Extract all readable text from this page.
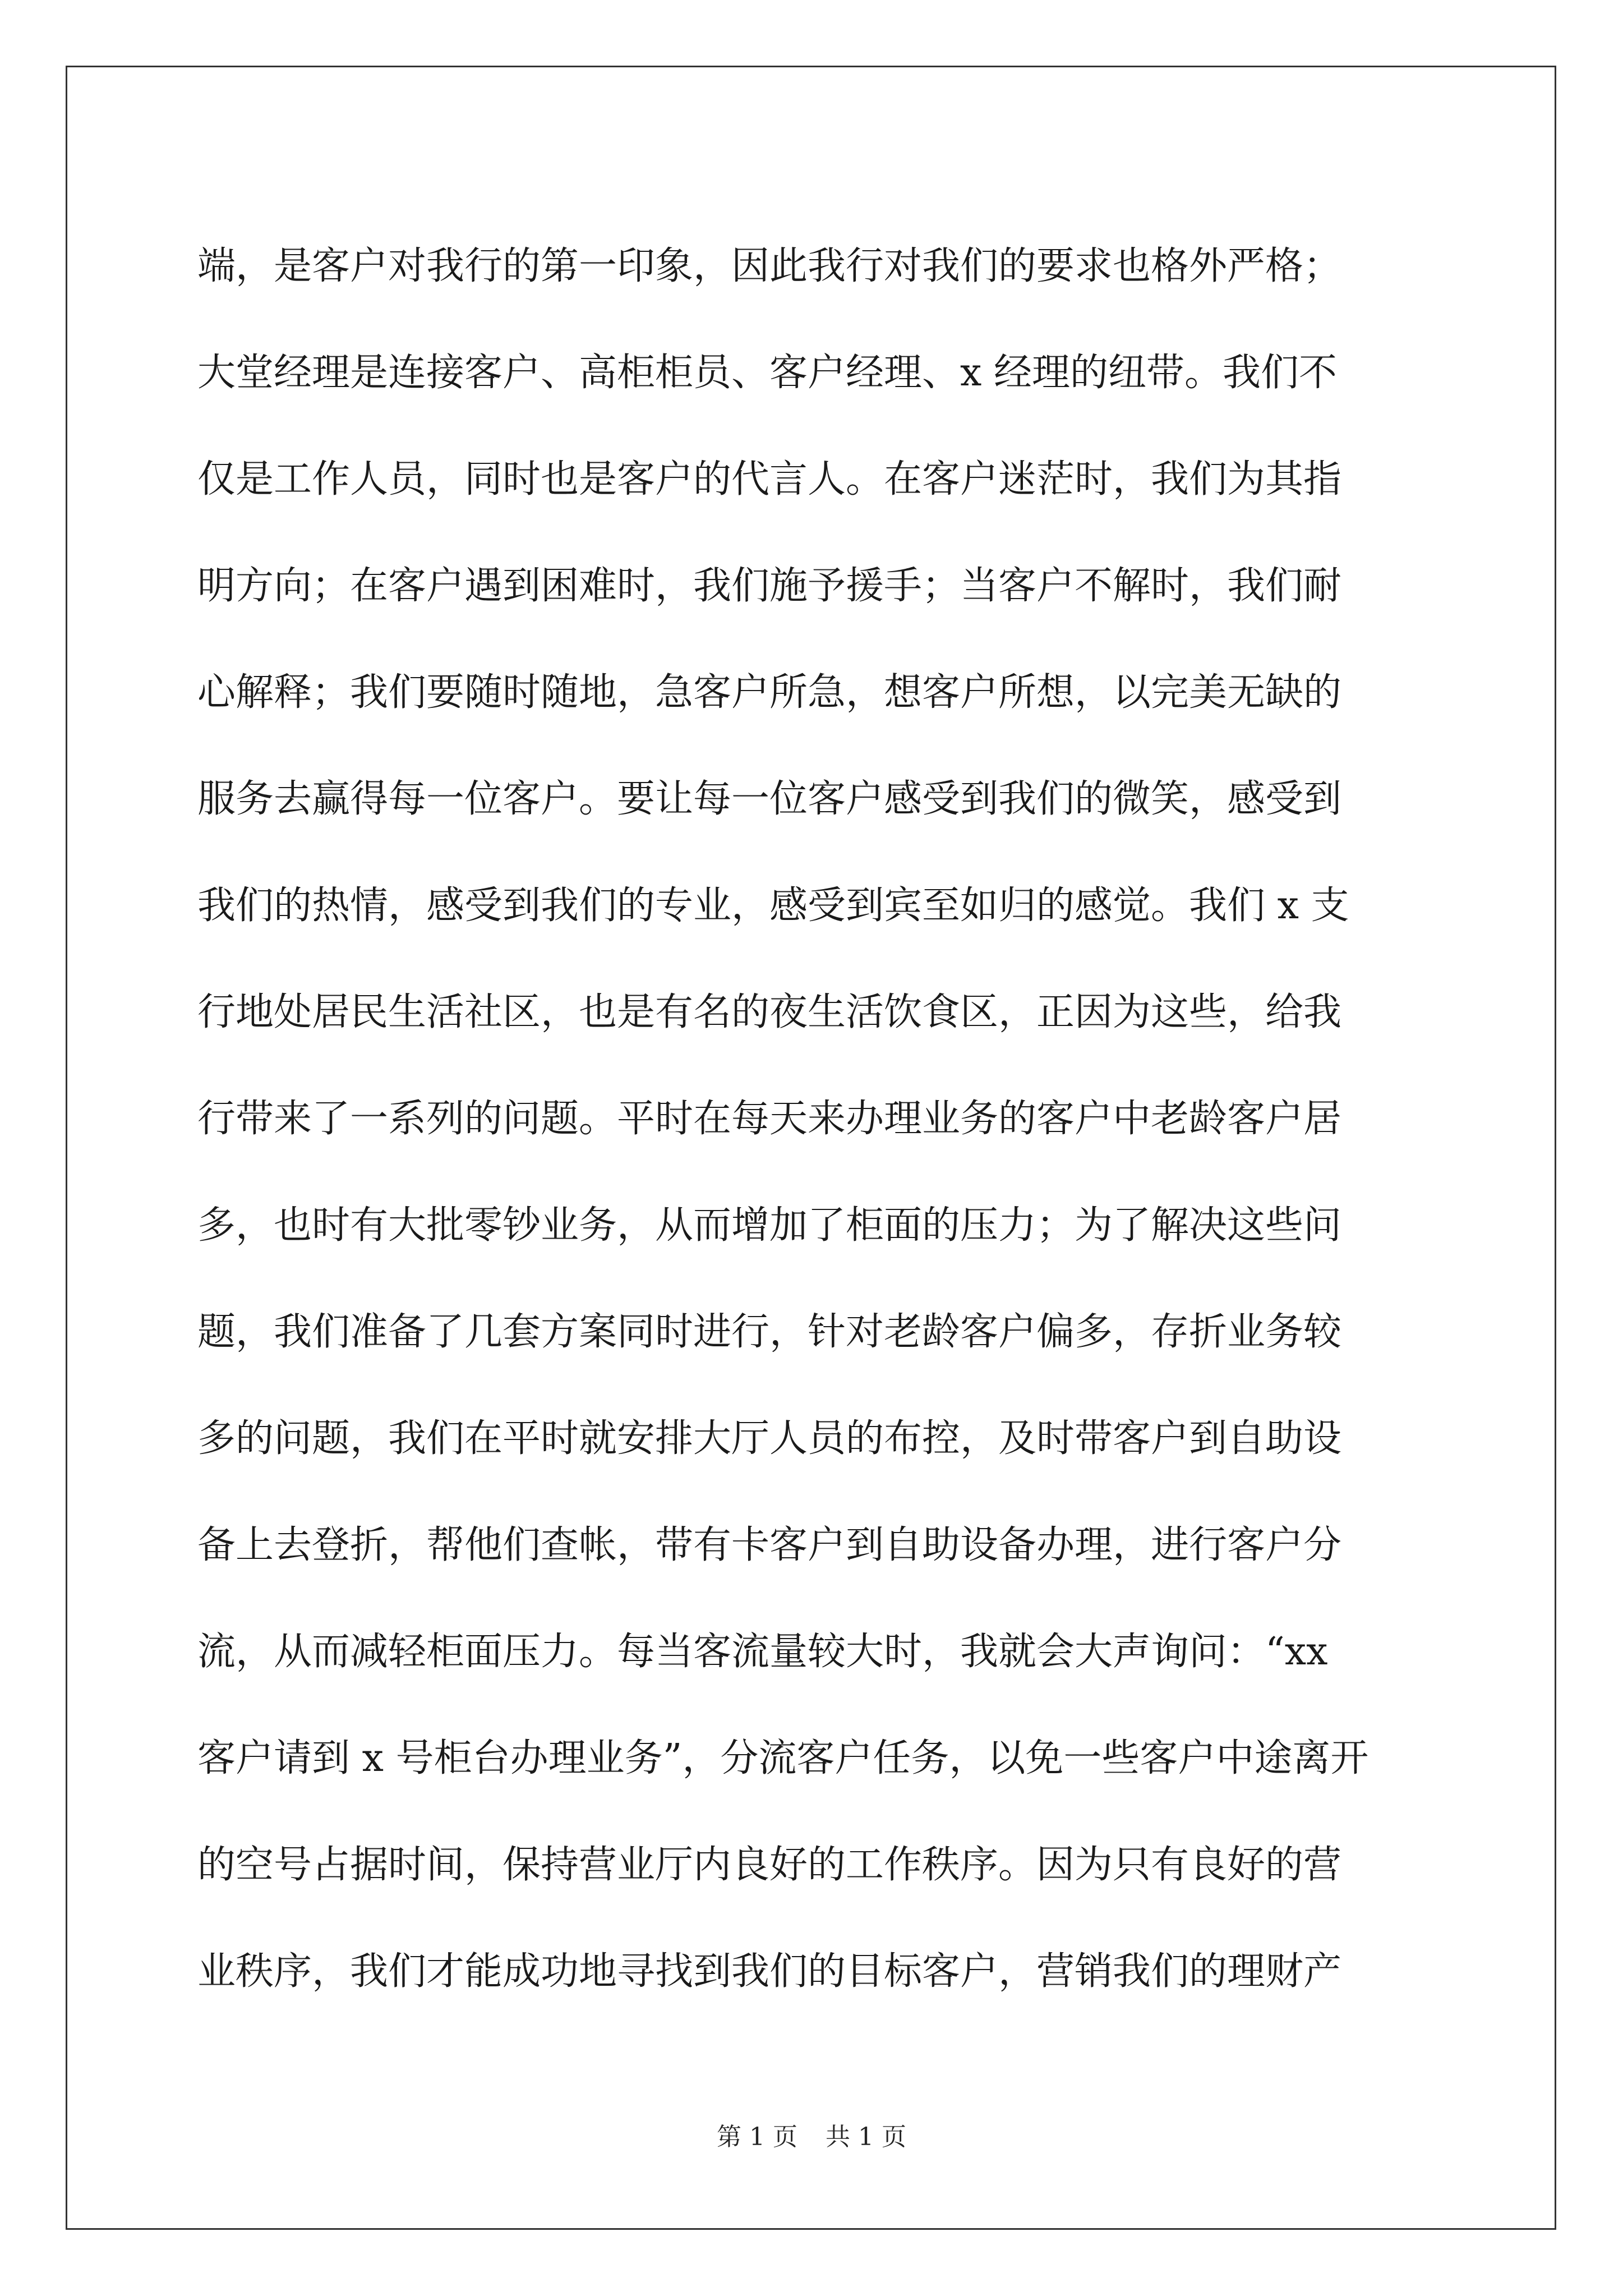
端，是客户对我行的第一印象，因此我行对我们的要求也格外严格；
大堂经理是连接客户、高柜柜员、客户经理、x 经理的纽带。我们不
仅是工作人员，同时也是客户的代言人。在客户迷茫时，我们为其指
明方向；在客户遇到困难时，我们施予援手；当客户不解时，我们耐
心解释；我们要随时随地，急客户所急，想客户所想，以完美无缺的
服务去赢得每一位客户。要让每一位客户感受到我们的微笑，感受到
我们的热情，感受到我们的专业，感受到宾至如归的感觉。我们 x 支
行地处居民生活社区，也是有名的夜生活饮食区，正因为这些，给我
行带来了一系列的问题。平时在每天来办理业务的客户中老龄客户居
多，也时有大批零钞业务，从而增加了柜面的压力；为了解决这些问
题，我们准备了几套方案同时进行，针对老龄客户偏多，存折业务较
多的问题，我们在平时就安排大厅人员的布控，及时带客户到自助设
备上去登折，帮他们查帐，带有卡客户到自助设备办理，进行客户分
流，从而减轻柜面压力。每当客流量较大时，我就会大声询问：“xx
客户请到 x 号柜台办理业务”，分流客户任务，以免一些客户中途离开
的空号占据时间，保持营业厅内良好的工作秩序。因为只有良好的营
业秩序，我们才能成功地寻找到我们的目标客户，营销我们的理财产
第 1 页 共 1 页
